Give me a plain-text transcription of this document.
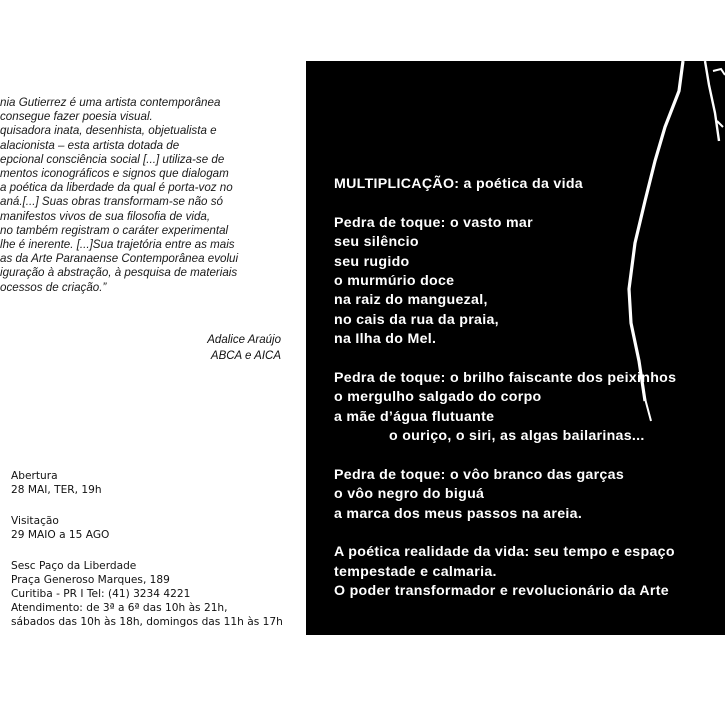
nia Gutierrez é uma artista contemporânea
consegue fazer poesia visual.
quisadora inata, desenhista, objetualista e
alacionista – esta artista dotada de
epcional consciência social [...] utiliza-se de
mentos iconográficos e signos que dialogam
a poética da liberdade da qual é porta-voz no
aná.[...] Suas obras transformam-se não só
manifestos vivos de sua filosofia de vida,
no também registram o caráter experimental
lhe é inerente. [...]Sua trajetória entre as mais
as da Arte Paranaense Contemporânea evolui
iguração à abstração, à pesquisa de materiais
ocessos de criação.”
Adalice Araújo
ABCA e AICA
Abertura
28 MAI, TER, 19h
Visitação
29 MAIO a 15 AGO
Sesc Paço da Liberdade
Praça Generoso Marques, 189
Curitiba - PR I Tel: (41) 3234 4221
Atendimento: de 3ª a 6ª das 10h às 21h,
sábados das 10h às 18h, domingos das 11h às 17h
MULTIPLICAÇÃO: a poética da vida
Pedra de toque: o vasto mar
seu silêncio
seu rugido
o murmúrio doce
na raiz do manguezal,
no cais da rua da praia,
na Ilha do Mel.
Pedra de toque: o brilho faiscante dos peixinhos
o mergulho salgado do corpo
a mãe d’água flutuante
o ouriço, o siri, as algas bailarinas...
Pedra de toque: o vôo branco das garças
o vôo negro do biguá
a marca dos meus passos na areia.
A poética realidade da vida: seu tempo e espaço
tempestade e calmaria.
O poder transformador e revolucionário da Arte
